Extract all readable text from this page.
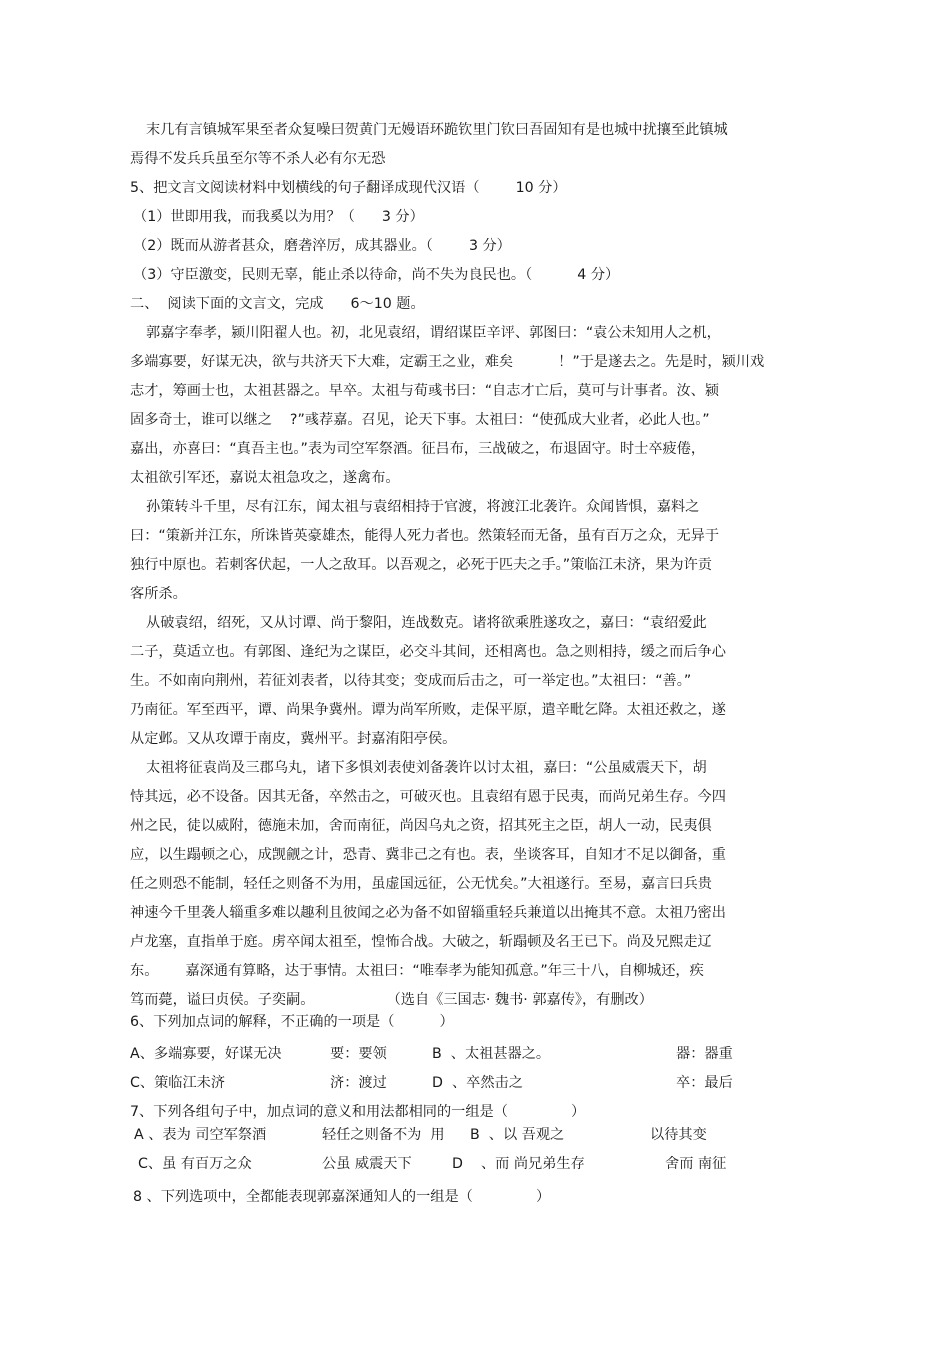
末几有言镇城军果至者众复噪曰贺黄门无嫚语环跪钦里门钦曰吾固知有是也城中扰攘至此镇城
焉得不发兵兵虽至尔等不杀人必有尔无恐
5、把文言文阅读材料中划横线的句子翻译成现代汉语（        10 分）
（1）世即用我，而我奚以为用？（      3 分）
（2）既而从游者甚众，磨砻淬厉，成其器业。（        3 分）
（3）守臣激变，民则无辜，能止杀以待命，尚不失为良民也。（          4 分）
二、  阅读下面的文言文，完成      6～10 题。
郭嘉字奉孝，颍川阳翟人也。初，北见袁绍，谓绍谋臣辛评、郭图曰：“袁公未知用人之机，
多端寡要，好谋无决，欲与共济天下大难，定霸王之业，难矣          ！”于是遂去之。先是时，颍川戏
志才，筹画士也，太祖甚器之。早卒。太祖与荀彧书曰：“自志才亡后，莫可与计事者。汝、颍
固多奇士，谁可以继之    ?”彧荐嘉。召见，论天下事。太祖曰：“使孤成大业者，必此人也。”
嘉出，亦喜曰：“真吾主也。”表为司空军祭酒。征吕布，三战破之，布退固守。时士卒疲倦，
太祖欲引军还，嘉说太祖急攻之，遂禽布。
孙策转斗千里，尽有江东，闻太祖与袁绍相持于官渡，将渡江北袭许。众闻皆惧，嘉料之
曰：“策新并江东，所诛皆英豪雄杰，能得人死力者也。然策轻而无备，虽有百万之众，无异于
独行中原也。若刺客伏起，一人之敌耳。以吾观之，必死于匹夫之手。”策临江未济，果为许贡
客所杀。
从破袁绍，绍死，又从讨谭、尚于黎阳，连战数克。诸将欲乘胜遂攻之，嘉曰：“袁绍爱此
二子，莫适立也。有郭图、逢纪为之谋臣，必交斗其间，还相离也。急之则相持，缓之而后争心
生。不如南向荆州，若征刘表者，以待其变；变成而后击之，可一举定也。”太祖曰：“善。”
乃南征。军至西平，谭、尚果争冀州。谭为尚军所败，走保平原，遣辛毗乞降。太祖还救之，遂
从定邺。又从攻谭于南皮，冀州平。封嘉洧阳亭侯。
太祖将征袁尚及三郡乌丸，诸下多惧刘表使刘备袭许以讨太祖，嘉曰：“公虽威震天下，胡
恃其远，必不设备。因其无备，卒然击之，可破灭也。且袁绍有恩于民夷，而尚兄弟生存。今四
州之民，徒以威附，德施未加，舍而南征，尚因乌丸之资，招其死主之臣，胡人一动，民夷俱
应，以生蹋顿之心，成觊觎之计，恐青、冀非己之有也。表，坐谈客耳，自知才不足以御备，重
任之则恐不能制，轻任之则备不为用，虽虚国远征，公无忧矣。”大祖遂行。至易，嘉言曰兵贵
神速今千里袭人辎重多难以趣利且彼闻之必为备不如留辎重轻兵兼道以出掩其不意。太祖乃密出
卢龙塞，直指单于庭。虏卒闻太祖至，惶怖合战。大破之，斩蹋顿及名王已下。尚及兄熙走辽
东。      嘉深通有算略，达于事情。太祖曰：“唯奉孝为能知孤意。”年三十八，自柳城还，疾
笃而薨，谥曰贞侯。子奕嗣。                （选自《三国志· 魏书· 郭嘉传》，有删改）
6、下列加点词的解释，不正确的一项是（          ）
A、多端寡要，好谋无决	要：要领	B  、太祖甚器之。	器：器重
C、策临江未济	济：渡过	D  、卒然击之	卒：最后
7、下列各组句子中，加点词的意义和用法都相同的一组是（              ）
A 、表为 司空军祭酒	轻任之则备不为  用 B  、以 吾观之	以待其变
C、虽 有百万之众	公虽 威震天下	D    、而 尚兄弟生存	舍而 南征
8 、下列选项中，全都能表现郭嘉深通知人的一组是（              ）
